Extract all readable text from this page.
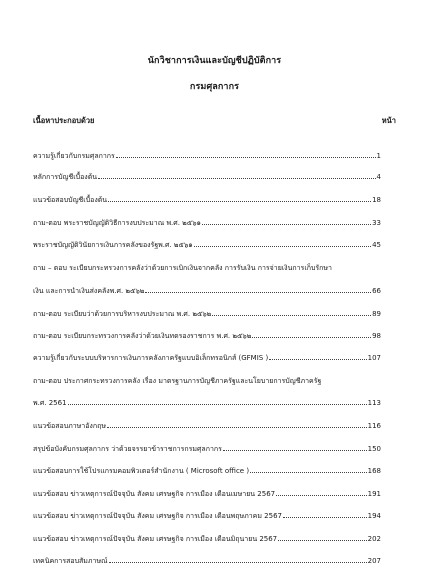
นักวิชาการเงินและบัญชีปฏิบัติการ
กรมศุลกากร
เนื้อหาประกอบด้วย	หน้า
ความรู้เกี่ยวกับกรมศุลกากร	1
หลักการบัญชีเบื้องต้น	4
แนวข้อสอบบัญชีเบื้องต้น	18
ถาม-ตอบ พระราชบัญญัติวิธีการงบประมาณ พ.ศ. ๒๕๖๑	33
พระราชบัญญัติวินัยการเงินการคลังของรัฐพ.ศ. ๒๕๖๑	45
ถาม – ตอบ ระเบียบกระทรวงการคลังว่าด้วยการเบิกเงินจากคลัง การรับเงิน การจ่ายเงินการเก็บรักษา
เงิน และการนำเงินส่งคลังพ.ศ. ๒๕๖๒	66
ถาม-ตอบ ระเบียบว่าด้วยการบริหารงบประมาณ พ.ศ. ๒๕๖๒	89
ถาม-ตอบ ระเบียบกระทรวงการคลังว่าด้วยเงินทดรองราชการ พ.ศ. ๒๕๖๒	98
ความรู้เกี่ยวกับระบบบริหารการเงินการคลังภาครัฐแบบอิเล็กทรอนิกส์ (GFMIS )	107
ถาม-ตอบ ประกาศกระทรวงการคลัง เรื่อง มาตรฐานการบัญชีภาครัฐและนโยบายการบัญชีภาครัฐ
พ.ศ. 2561	113
แนวข้อสอบภาษาอังกฤษ	116
สรุปข้อบังคับกรมศุลกากร ว่าด้วยจรรยาข้าราชการกรมศุลกากร	150
แนวข้อสอบการใช้โปรแกรมคอมพิวเตอร์สำนักงาน ( Microsoft office )	168
แนวข้อสอบ ข่าวเหตุการณ์ปัจจุบัน สังคม เศรษฐกิจ การเมือง เดือนเมษายน 2567	191
แนวข้อสอบ ข่าวเหตุการณ์ปัจจุบัน สังคม เศรษฐกิจ การเมือง เดือนพฤษภาคม 2567	194
แนวข้อสอบ ข่าวเหตุการณ์ปัจจุบัน สังคม เศรษฐกิจ การเมือง เดือนมิถุนายน 2567	202
เทคนิคการสอบสัมภาษณ์	207
